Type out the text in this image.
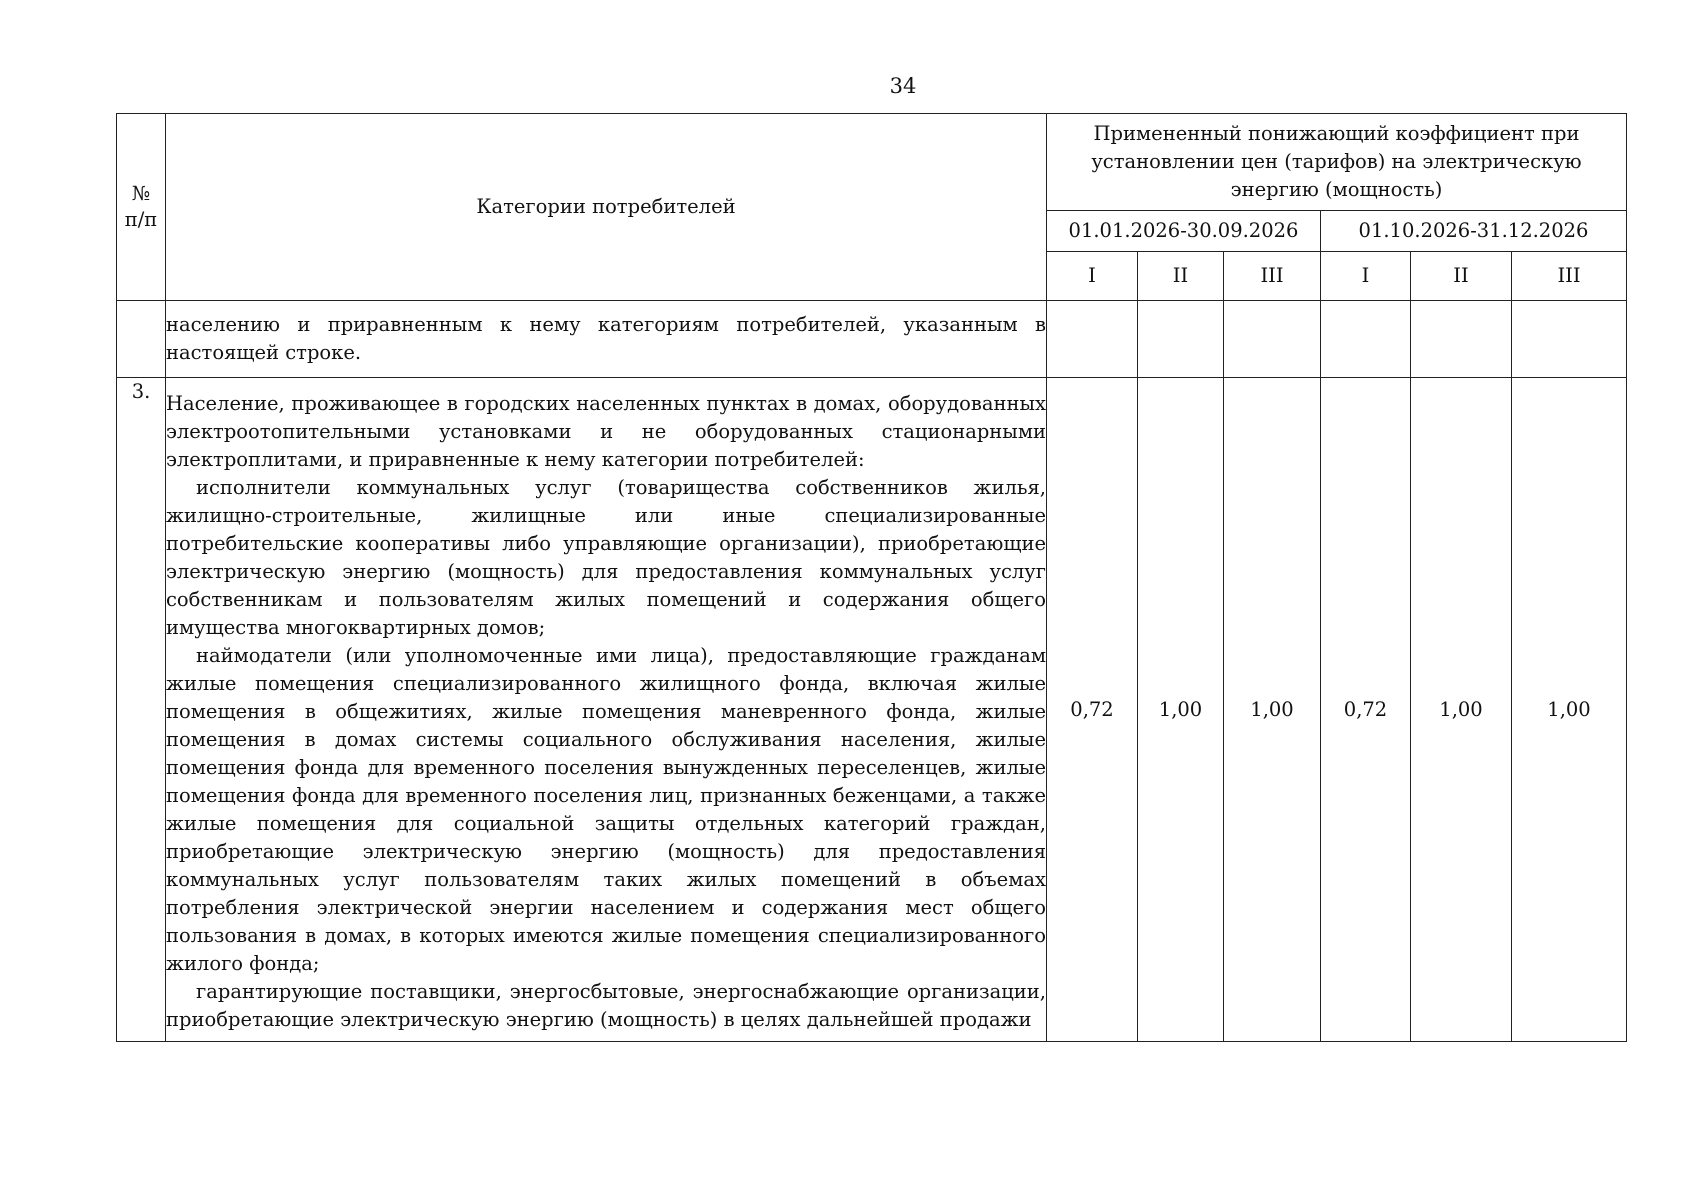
34
№ п/п	Категории потребителей	Примененный понижающий коэффициент при установлении цен (тарифов) на электрическую энергию (мощность)					
		01.01.2026-30.09.2026			01.10.2026-31.12.2026		
		I	II	III	I	II	III

	населению и приравненным к нему категориям потребителей, указанным в настоящей строке.						

3.	Население, проживающее в городских населенных пунктах в домах, оборудованных электроотопительными установками и не оборудованных стационарными электроплитами, и приравненные к нему категории потребителей:

исполнители коммунальных услуг (товарищества собственников жилья, жилищно-строительные, жилищные или иные специализированные потребительские кооперативы либо управляющие организации), приобретающие электрическую энергию (мощность) для предоставления коммунальных услуг собственникам и пользователям жилых помещений и содержания общего имущества многоквартирных домов;

наймодатели (или уполномоченные ими лица), предоставляющие гражданам жилые помещения специализированного жилищного фонда, включая жилые помещения в общежитиях, жилые помещения маневренного фонда, жилые помещения в домах системы социального обслуживания населения, жилые помещения фонда для временного поселения вынужденных переселенцев, жилые помещения фонда для временного поселения лиц, признанных беженцами, а также жилые помещения для социальной защиты отдельных категорий граждан, приобретающие электрическую энергию (мощность) для предоставления коммунальных услуг пользователям таких жилых помещений в объемах потребления электрической энергии населением и содержания мест общего пользования в домах, в которых имеются жилые помещения специализированного жилого фонда;

гарантирующие поставщики, энергосбытовые, энергоснабжающие организации, приобретающие электрическую энергию (мощность) в целях дальнейшей продажи	0,72	1,00	1,00	0,72	1,00	1,00
